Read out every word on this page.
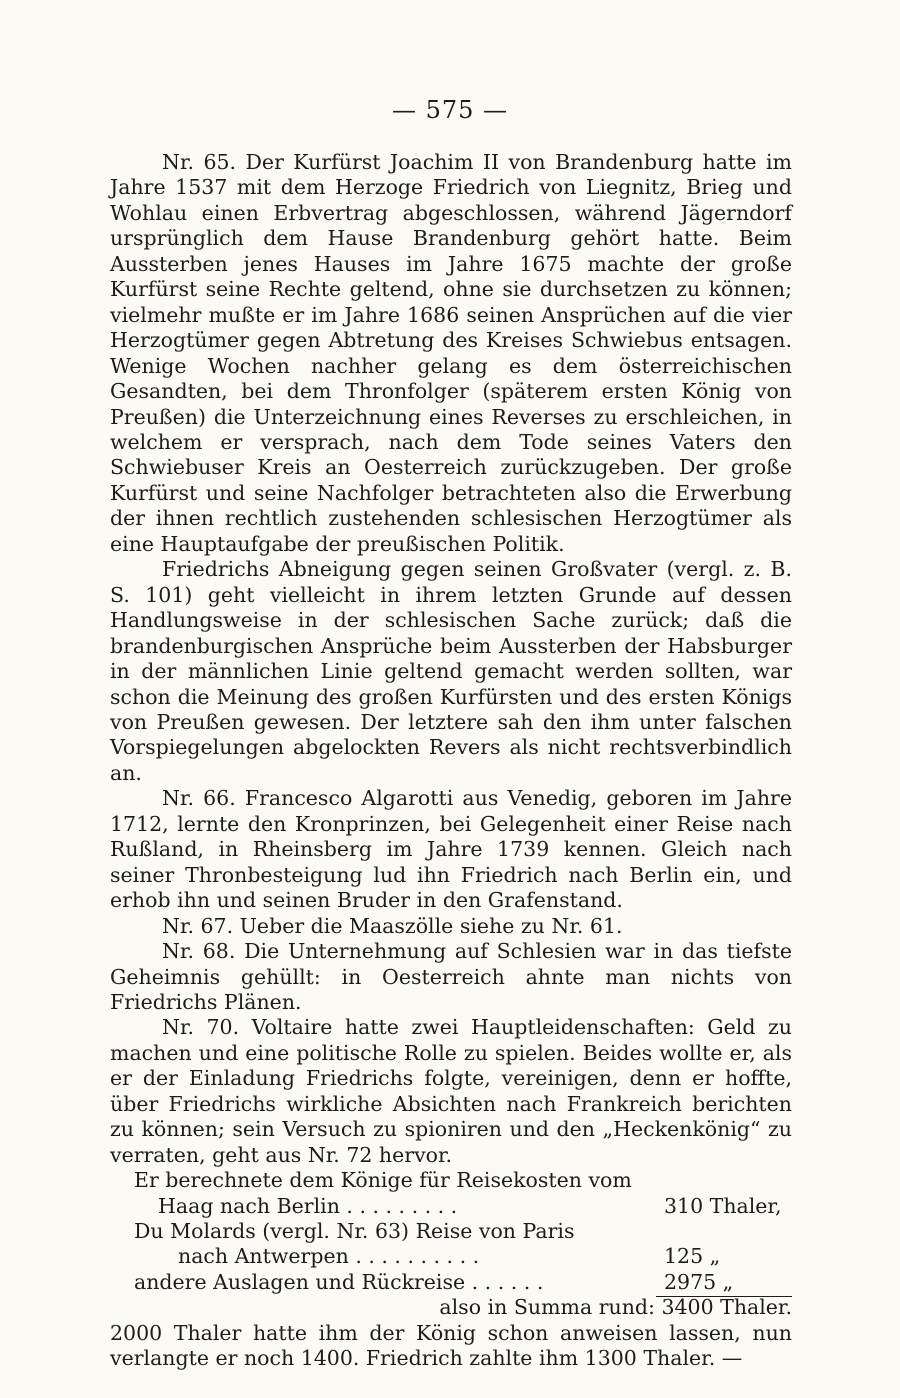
— 575 —

Nr. 65. Der Kurfürst Joachim II von Brandenburg hatte im Jahre 1537 mit dem Herzoge Friedrich von Liegnitz, Brieg und Wohlau einen Erbvertrag abgeschlossen, während Jägerndorf ursprünglich dem Hause Brandenburg gehört hatte. Beim Aussterben jenes Hauses im Jahre 1675 machte der große Kurfürst seine Rechte geltend, ohne sie durchsetzen zu können; vielmehr mußte er im Jahre 1686 seinen Ansprüchen auf die vier Herzogtümer gegen Abtretung des Kreises Schwiebus entsagen. Wenige Wochen nachher gelang es dem österreichischen Gesandten, bei dem Thronfolger (späterem ersten König von Preußen) die Unterzeichnung eines Reverses zu erschleichen, in welchem er versprach, nach dem Tode seines Vaters den Schwiebuser Kreis an Oesterreich zurückzugeben. Der große Kurfürst und seine Nachfolger betrachteten also die Erwerbung der ihnen rechtlich zustehenden schlesischen Herzogtümer als eine Hauptaufgabe der preußischen Politik.

Friedrichs Abneigung gegen seinen Großvater (vergl. z. B. S. 101) geht vielleicht in ihrem letzten Grunde auf dessen Handlungsweise in der schlesischen Sache zurück; daß die brandenburgischen Ansprüche beim Aussterben der Habsburger in der männlichen Linie geltend gemacht werden sollten, war schon die Meinung des großen Kurfürsten und des ersten Königs von Preußen gewesen. Der letztere sah den ihm unter falschen Vorspiegelungen abgelockten Revers als nicht rechtsverbindlich an.

Nr. 66. Francesco Algarotti aus Venedig, geboren im Jahre 1712, lernte den Kronprinzen, bei Gelegenheit einer Reise nach Rußland, in Rheinsberg im Jahre 1739 kennen. Gleich nach seiner Thronbesteigung lud ihn Friedrich nach Berlin ein, und erhob ihn und seinen Bruder in den Grafenstand.

Nr. 67. Ueber die Maaszölle siehe zu Nr. 61.

Nr. 68. Die Unternehmung auf Schlesien war in das tiefste Geheimnis gehüllt: in Oesterreich ahnte man nichts von Friedrichs Plänen.

Nr. 70. Voltaire hatte zwei Hauptleidenschaften: Geld zu machen und eine politische Rolle zu spielen. Beides wollte er, als er der Einladung Friedrichs folgte, vereinigen, denn er hoffte, über Friedrichs wirkliche Absichten nach Frankreich berichten zu können; sein Versuch zu spioniren und den „Heckenkönig“ zu verraten, geht aus Nr. 72 hervor.

Er berechnete dem Könige für Reisekosten vom
Haag nach Berlin . . . . . . . . .	310 Thaler,
Du Molards (vergl. Nr. 63) Reise von Paris
nach Antwerpen . . . . . . . . . .	125 „
andere Auslagen und Rückreise . . . . . .	2975 „
also in Summa rund: 3400 Thaler.

2000 Thaler hatte ihm der König schon anweisen lassen, nun verlangte er noch 1400. Friedrich zahlte ihm 1300 Thaler. —
